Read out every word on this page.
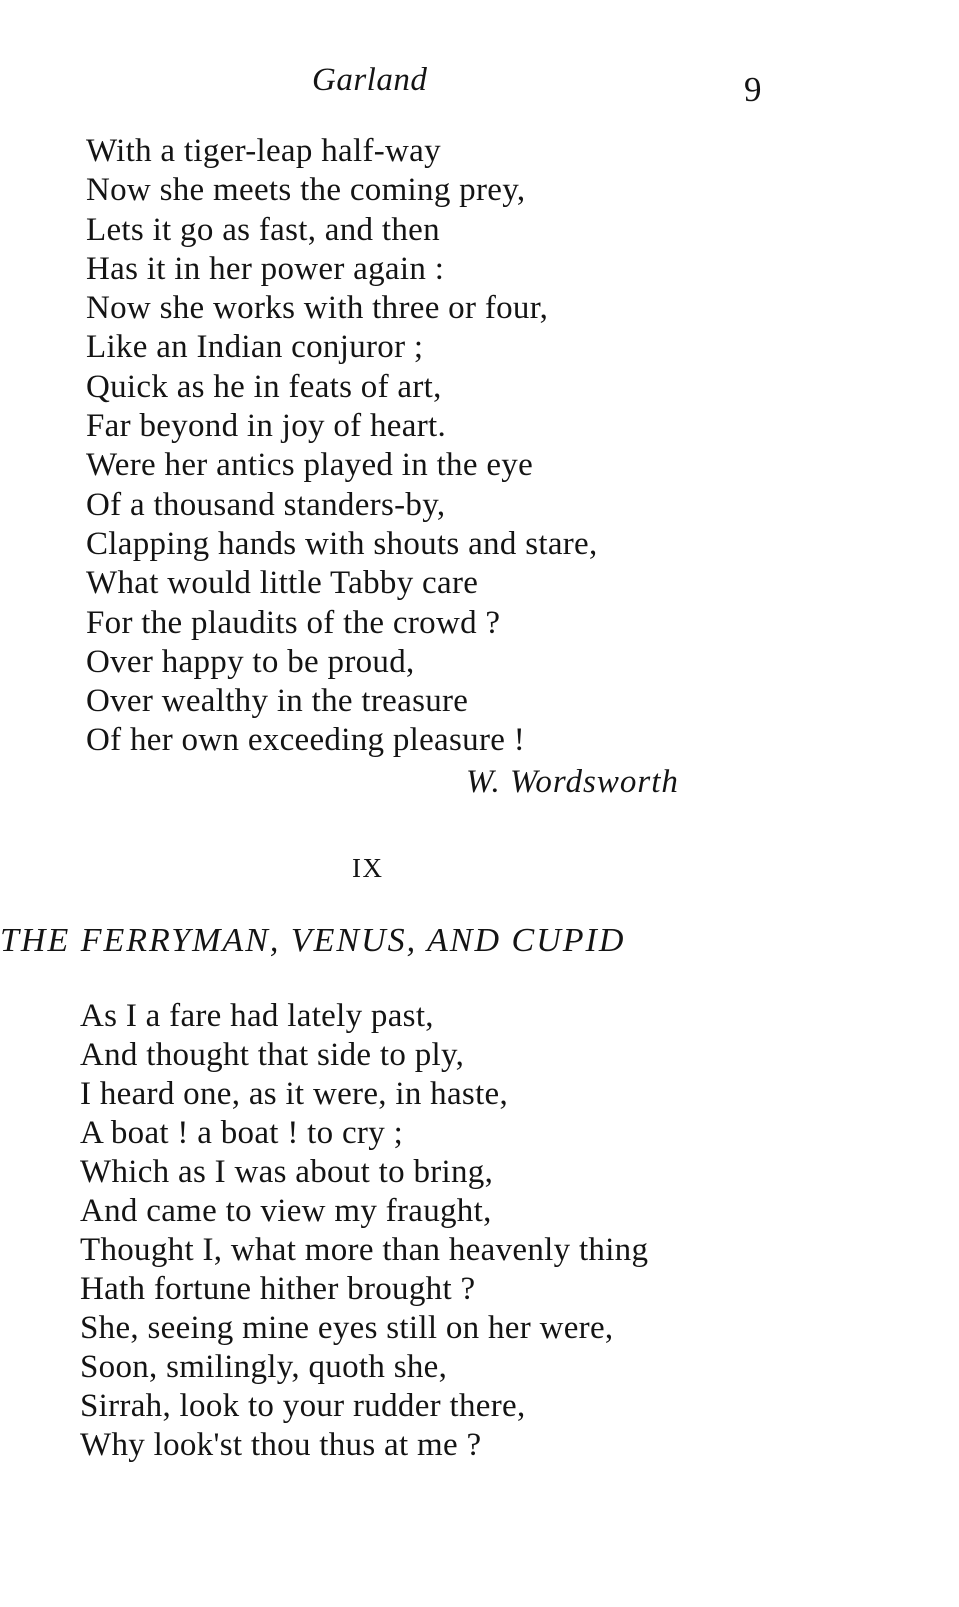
Garland	9
With a tiger-leap half-way
Now she meets the coming prey,
Lets it go as fast, and then
Has it in her power again :
Now she works with three or four,
Like an Indian conjuror ;
Quick as he in feats of art,
Far beyond in joy of heart.
Were her antics played in the eye
Of a thousand standers-by,
Clapping hands with shouts and stare,
What would little Tabby care
For the plaudits of the crowd ?
Over happy to be proud,
Over wealthy in the treasure
Of her own exceeding pleasure !
W. Wordsworth
IX
THE FERRYMAN, VENUS, AND CUPID
As I a fare had lately past,
And thought that side to ply,
I heard one, as it were, in haste,
A boat ! a boat ! to cry ;
Which as I was about to bring,
And came to view my fraught,
Thought I, what more than heavenly thing
Hath fortune hither brought ?
She, seeing mine eyes still on her were,
Soon, smilingly, quoth she,
Sirrah, look to your rudder there,
Why look'st thou thus at me ?
